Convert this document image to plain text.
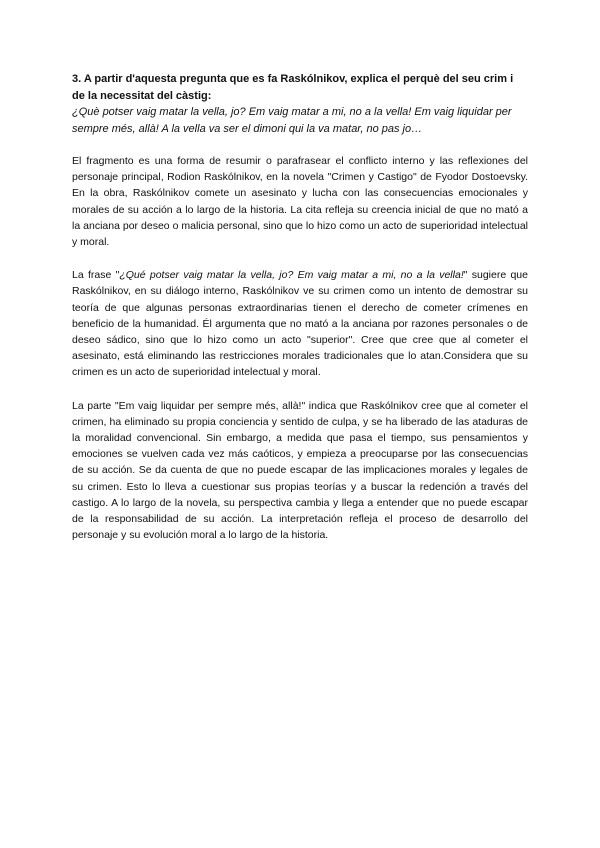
3. A partir d'aquesta pregunta que es fa Raskólnikov, explica el perquè del seu crim i de la necessitat del càstig:
¿Què potser vaig matar la vella, jo? Em vaig matar a mi, no a la vella! Em vaig liquidar per sempre més, allà! A la vella va ser el dimoni qui la va matar, no pas jo…

El fragmento es una forma de resumir o parafrasear el conflicto interno y las reflexiones del personaje principal, Rodion Raskólnikov, en la novela "Crimen y Castigo" de Fyodor Dostoevsky. En la obra, Raskólnikov comete un asesinato y lucha con las consecuencias emocionales y morales de su acción a lo largo de la historia. La cita refleja su creencia inicial de que no mató a la anciana por deseo o malicia personal, sino que lo hizo como un acto de superioridad intelectual y moral.

La frase "¿Qué potser vaig matar la vella, jo? Em vaig matar a mi, no a la vella!" sugiere que Raskólnikov, en su diálogo interno, Raskólnikov ve su crimen como un intento de demostrar su teoría de que algunas personas extraordinarias tienen el derecho de cometer crímenes en beneficio de la humanidad. Él argumenta que no mató a la anciana por razones personales o de deseo sádico, sino que lo hizo como un acto "superior". Cree que cree que al cometer el asesinato, está eliminando las restricciones morales tradicionales que lo atan.Considera que su crimen es un acto de superioridad intelectual y moral.

La parte "Em vaig liquidar per sempre més, allà!" indica que Raskólnikov cree que al cometer el crimen, ha eliminado su propia conciencia y sentido de culpa, y se ha liberado de las ataduras de la moralidad convencional. Sin embargo, a medida que pasa el tiempo, sus pensamientos y emociones se vuelven cada vez más caóticos, y empieza a preocuparse por las consecuencias de su acción. Se da cuenta de que no puede escapar de las implicaciones morales y legales de su crimen. Esto lo lleva a cuestionar sus propias teorías y a buscar la redención a través del castigo. A lo largo de la novela, su perspectiva cambia y llega a entender que no puede escapar de la responsabilidad de su acción. La interpretación refleja el proceso de desarrollo del personaje y su evolución moral a lo largo de la historia.
